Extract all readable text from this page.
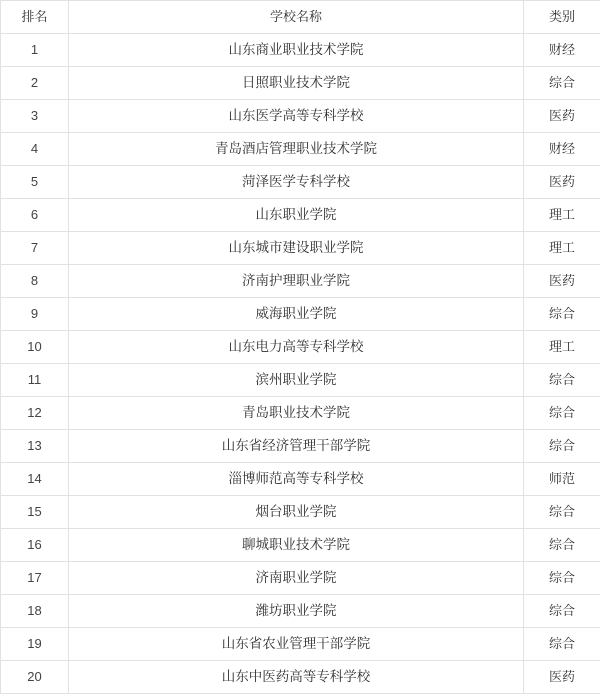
排名	学校名称	类别
1	山东商业职业技术学院	财经
2	日照职业技术学院	综合
3	山东医学高等专科学校	医药
4	青岛酒店管理职业技术学院	财经
5	菏泽医学专科学校	医药
6	山东职业学院	理工
7	山东城市建设职业学院	理工
8	济南护理职业学院	医药
9	威海职业学院	综合
10	山东电力高等专科学校	理工
11	滨州职业学院	综合
12	青岛职业技术学院	综合
13	山东省经济管理干部学院	综合
14	淄博师范高等专科学校	师范
15	烟台职业学院	综合
16	聊城职业技术学院	综合
17	济南职业学院	综合
18	潍坊职业学院	综合
19	山东省农业管理干部学院	综合
20	山东中医药高等专科学校	医药
